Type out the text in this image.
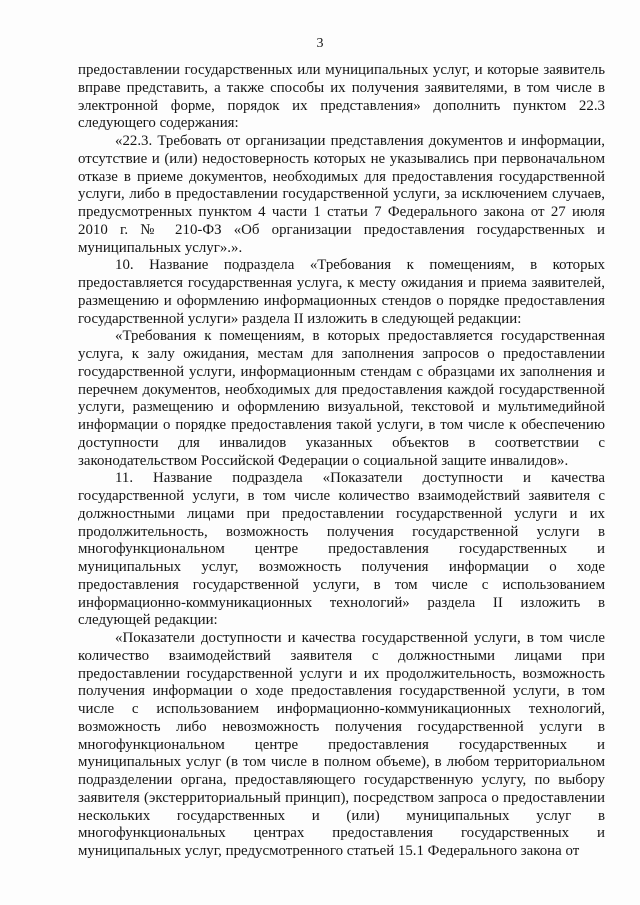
3

предоставлении государственных или муниципальных услуг, и которые заявитель вправе представить, а также способы их получения заявителями, в том числе в электронной форме, порядок их представления» дополнить пунктом 22.3 следующего содержания:

«22.3. Требовать от организации представления документов и информации, отсутствие и (или) недостоверность которых не указывались при первоначальном отказе в приеме документов, необходимых для предоставления государственной услуги, либо в предоставлении государственной услуги, за исключением случаев, предусмотренных пунктом 4 части 1 статьи 7 Федерального закона от 27 июля 2010 г. № 210-ФЗ «Об организации предоставления государственных и муниципальных услуг».».

10. Название подраздела «Требования к помещениям, в которых предоставляется государственная услуга, к месту ожидания и приема заявителей, размещению и оформлению информационных стендов о порядке предоставления государственной услуги» раздела II изложить в следующей редакции:

«Требования к помещениям, в которых предоставляется государственная услуга, к залу ожидания, местам для заполнения запросов о предоставлении государственной услуги, информационным стендам с образцами их заполнения и перечнем документов, необходимых для предоставления каждой государственной услуги, размещению и оформлению визуальной, текстовой и мультимедийной информации о порядке предоставления такой услуги, в том числе к обеспечению доступности для инвалидов указанных объектов в соответствии с законодательством Российской Федерации о социальной защите инвалидов».

11. Название подраздела «Показатели доступности и качества государственной услуги, в том числе количество взаимодействий заявителя с должностными лицами при предоставлении государственной услуги и их продолжительность, возможность получения государственной услуги в многофункциональном центре предоставления государственных и муниципальных услуг, возможность получения информации о ходе предоставления государственной услуги, в том числе с использованием информационно-коммуникационных технологий» раздела II изложить в следующей редакции:

«Показатели доступности и качества государственной услуги, в том числе количество взаимодействий заявителя с должностными лицами при предоставлении государственной услуги и их продолжительность, возможность получения информации о ходе предоставления государственной услуги, в том числе с использованием информационно-коммуникационных технологий, возможность либо невозможность получения государственной услуги в многофункциональном центре предоставления государственных и муниципальных услуг (в том числе в полном объеме), в любом территориальном подразделении органа, предоставляющего государственную услугу, по выбору заявителя (экстерриториальный принцип), посредством запроса о предоставлении нескольких государственных и (или) муниципальных услуг в многофункциональных центрах предоставления государственных и муниципальных услуг, предусмотренного статьей 15.1 Федерального закона от
